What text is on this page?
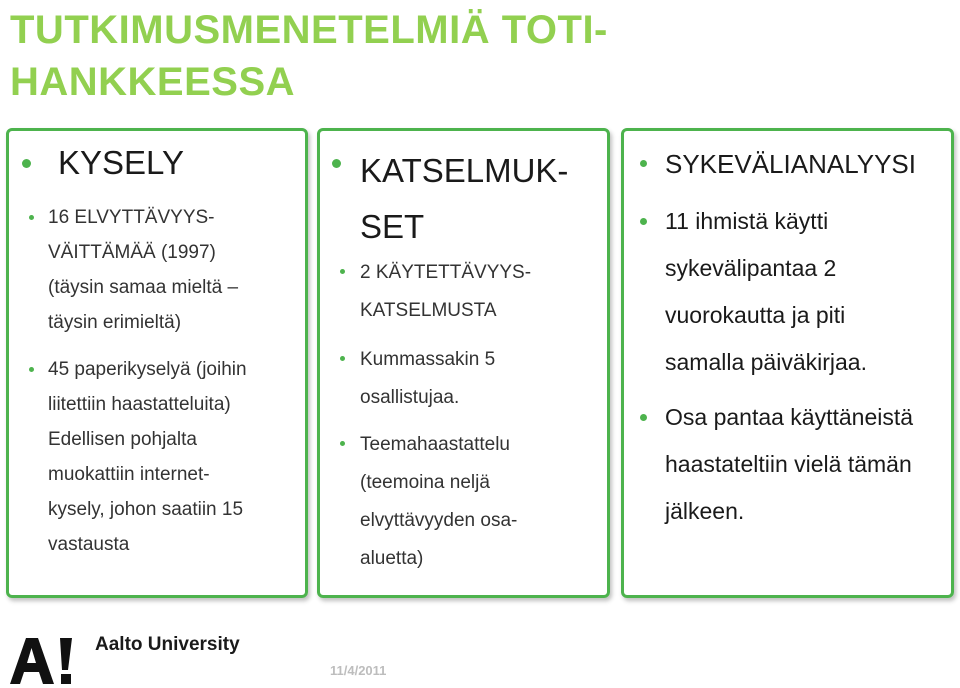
TUTKIMUSMENETELMIÄ TOTI-
HANKKEESSA
KYSELY
16 ELVYTTÄVYYS-
VÄITTÄMÄÄ (1997)
(täysin samaa mieltä –
täysin erimieltä)
45 paperikyselyä (joihin
liitettiin haastatteluita)
Edellisen pohjalta
muokattiin internet-
kysely, johon saatiin 15
vastausta
KATSELMUK-
SET
2 KÄYTETTÄVYYS-
KATSELMUSTA
Kummassakin 5
osallistujaa.
Teemahaastattelu
(teemoina neljä
elvyttävyyden osa-
aluetta)
SYKEVÄLIANALYYSI
11 ihmistä käytti
sykevälipantaa 2
vuorokautta ja piti
samalla päiväkirjaa.
Osa pantaa käyttäneistä
haastateltiin vielä tämän
jälkeen.
Aalto University
11/4/2011
